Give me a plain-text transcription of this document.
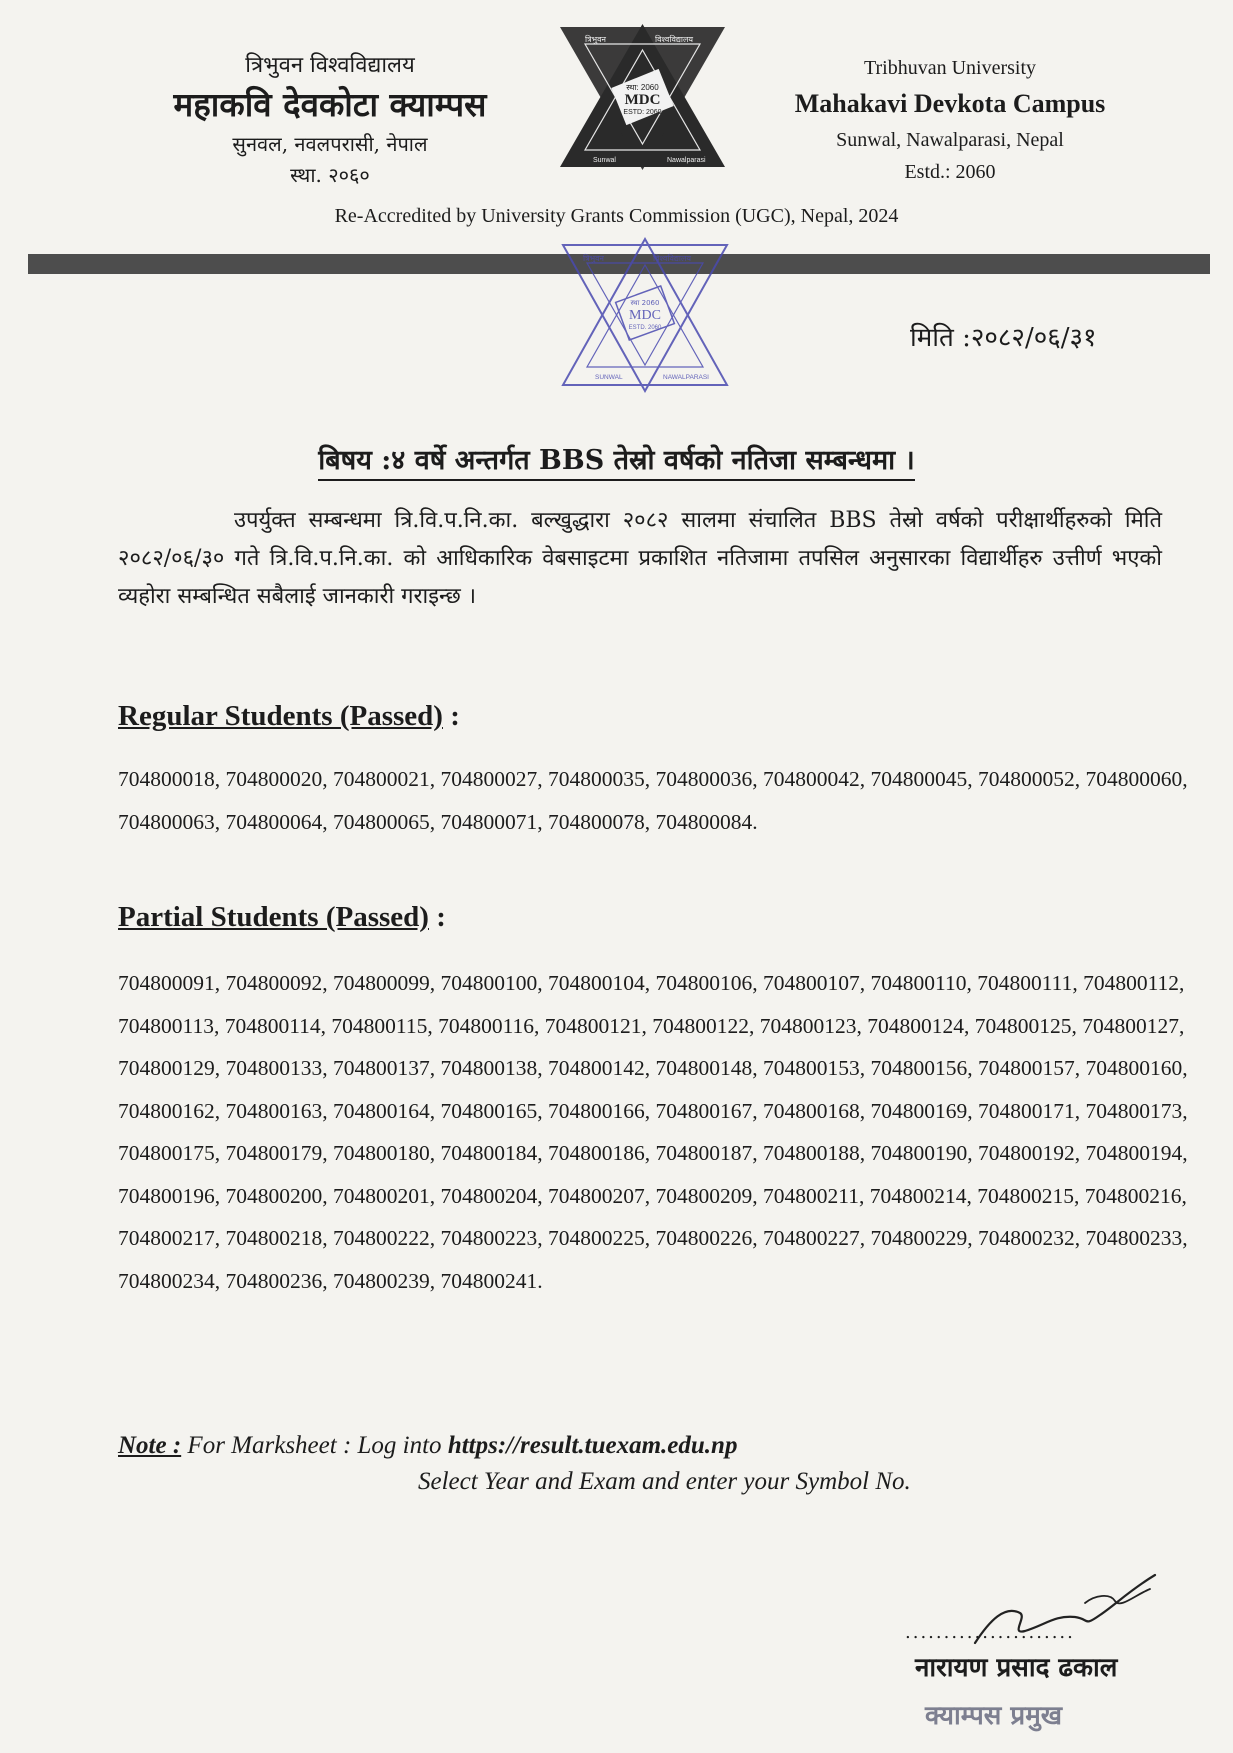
त्रिभुवन विश्वविद्यालय
महाकवि देवकोटा क्याम्पस
सुनवल, नवलपरासी, नेपाल
स्था. २०६०
स्था: 2060
MDC
ESTD: 2060
त्रिभुवन	विश्वविद्यालय
Sunwal	Nawalparasi
Tribhuvan University
Mahakavi Devkota Campus
Sunwal, Nawalparasi, Nepal
Estd.: 2060
Re-Accredited by University Grants Commission (UGC), Nepal, 2024
स्था 2060
MDC
ESTD. 2060
त्रिभुवन	विश्वविद्यालय
SUNWAL	NAWALPARASI
मिति :२०८२/०६/३१
बिषय :४ वर्षे अन्तर्गत BBS तेस्रो वर्षको नतिजा सम्बन्धमा ।
उपर्युक्त सम्बन्धमा त्रि.वि.प.नि.का. बल्खुद्धारा २०८२ सालमा संचालित BBS तेस्रो वर्षको परीक्षार्थीहरुको मिति २०८२/०६/३० गते त्रि.वि.प.नि.का. को आधिकारिक वेबसाइटमा प्रकाशित नतिजामा तपसिल अनुसारका विद्यार्थीहरु उत्तीर्ण भएको व्यहोरा सम्बन्धित सबैलाई जानकारी गराइन्छ ।
Regular Students (Passed) :
704800018, 704800020, 704800021, 704800027, 704800035, 704800036, 704800042, 704800045, 704800052, 704800060, 704800063, 704800064, 704800065, 704800071, 704800078, 704800084.
Partial Students (Passed) :
704800091, 704800092, 704800099, 704800100, 704800104, 704800106, 704800107, 704800110, 704800111, 704800112, 704800113, 704800114, 704800115, 704800116, 704800121, 704800122, 704800123, 704800124, 704800125, 704800127, 704800129, 704800133, 704800137, 704800138, 704800142, 704800148, 704800153, 704800156, 704800157, 704800160, 704800162, 704800163, 704800164, 704800165, 704800166, 704800167, 704800168, 704800169, 704800171, 704800173, 704800175, 704800179, 704800180, 704800184, 704800186, 704800187, 704800188, 704800190, 704800192, 704800194, 704800196, 704800200, 704800201, 704800204, 704800207, 704800209, 704800211, 704800214, 704800215, 704800216, 704800217, 704800218, 704800222, 704800223, 704800225, 704800226, 704800227, 704800229, 704800232, 704800233, 704800234, 704800236, 704800239, 704800241.
Note : For Marksheet : Log into https://result.tuexam.edu.np
Select Year and Exam and enter your Symbol No.
......................
नारायण प्रसाद ढकाल
क्याम्पस प्रमुख
